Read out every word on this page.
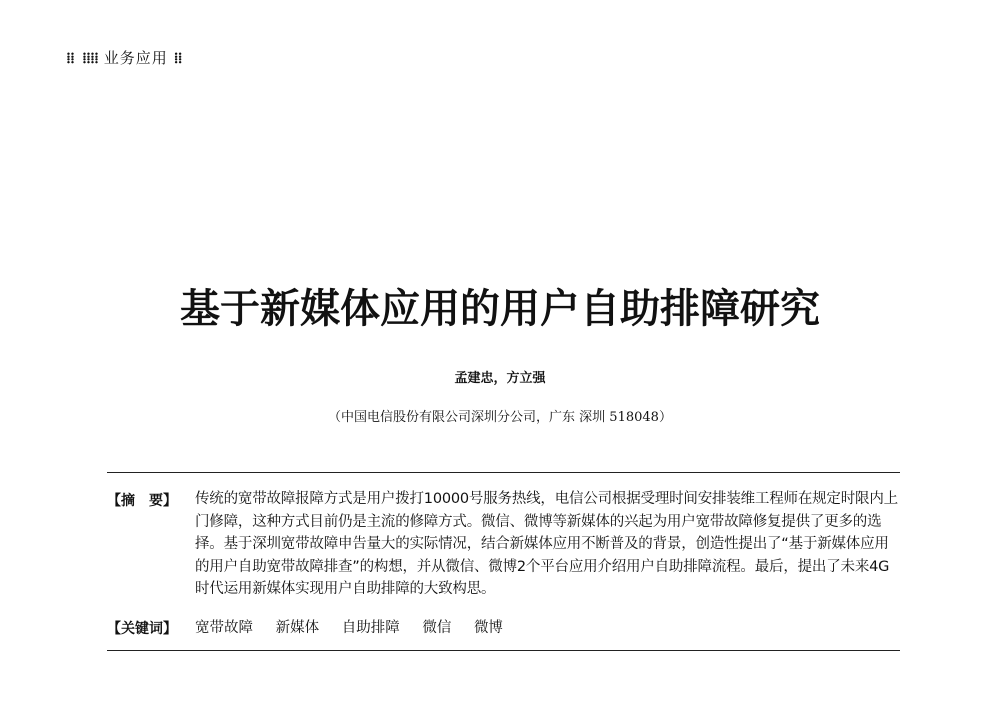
⁞⁞ ⁞⁞⁞⁞ 业务应用 ⁞⁞
基于新媒体应用的用户自助排障研究
孟建忠，方立强
（中国电信股份有限公司深圳分公司，广东 深圳 518048）
【摘　要】 传统的宽带故障报障方式是用户拨打10000号服务热线，电信公司根据受理时间安排装维工程师在规定时限内上
门修障，这种方式目前仍是主流的修障方式。微信、微博等新媒体的兴起为用户宽带故障修复提供了更多的选
择。基于深圳宽带故障申告量大的实际情况，结合新媒体应用不断普及的背景，创造性提出了“基于新媒体应用
的用户自助宽带故障排查”的构想，并从微信、微博2个平台应用介绍用户自助排障流程。最后，提出了未来4G
时代运用新媒体实现用户自助排障的大致构思。
【关键词】 宽带故障 新媒体 自助排障 微信 微博
